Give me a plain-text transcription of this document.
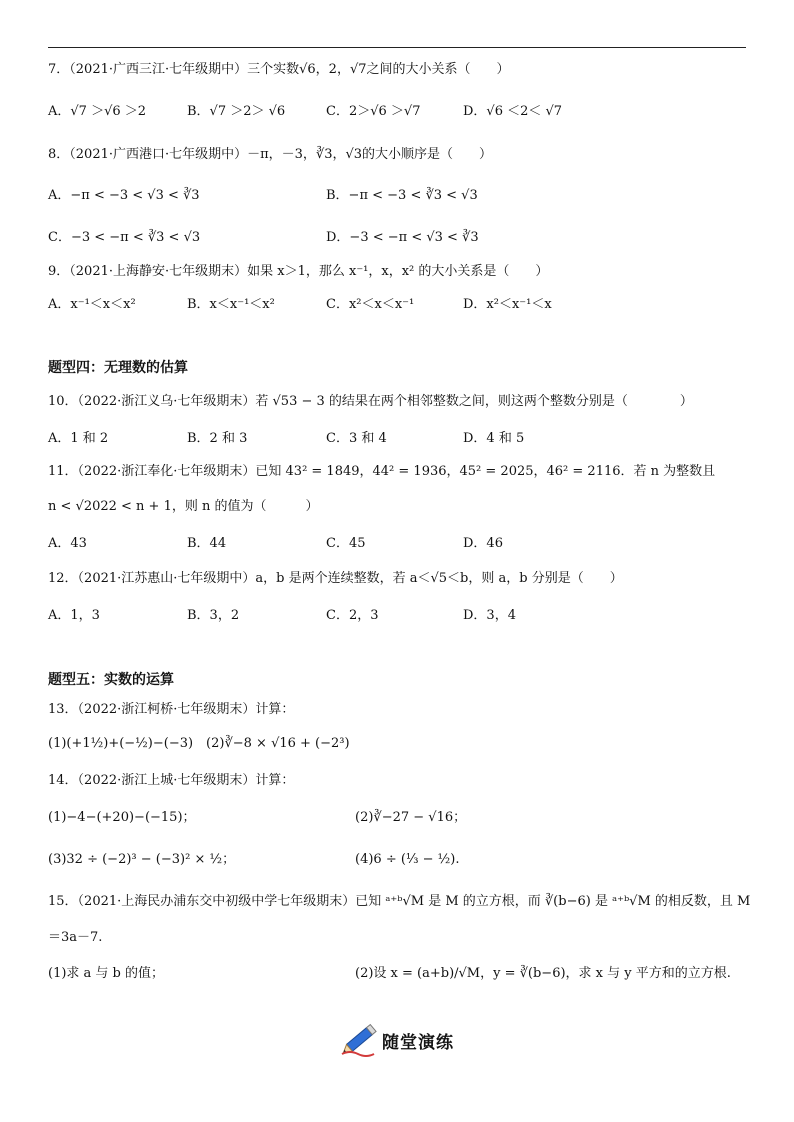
7．（2021·广西三江·七年级期中）三个实数√6，2，√7之间的大小关系（　　）
A．√7 ＞√6 ＞2	B．√7 ＞2＞ √6	C．2＞√6 ＞√7	D．√6 ＜2＜ √7
8．（2021·广西港口·七年级期中）－π，－3，∛3，√3的大小顺序是（　　）
A．−π < −3 < √3 < ∛3	B．−π < −3 < ∛3 < √3
C．−3 < −π < ∛3 < √3	D．−3 < −π < √3 < ∛3
9．（2021·上海静安·七年级期末）如果 x＞1，那么 x⁻¹，x，x² 的大小关系是（　　）
A．x⁻¹＜x＜x²	B．x＜x⁻¹＜x²	C．x²＜x＜x⁻¹	D．x²＜x⁻¹＜x
题型四：无理数的估算
10．（2022·浙江义乌·七年级期末）若 √53 − 3 的结果在两个相邻整数之间，则这两个整数分别是（　　　　）
A．1 和 2	B．2 和 3	C．3 和 4	D．4 和 5
11．（2022·浙江奉化·七年级期末）已知 43² = 1849，44² = 1936，45² = 2025，46² = 2116．若 n 为整数且
n < √2022 < n + 1，则 n 的值为（　　　）
A．43	B．44	C．45	D．46
12．（2021·江苏惠山·七年级期中）a，b 是两个连续整数，若 a＜√5＜b，则 a，b 分别是（　　）
A．1，3	B．3，2	C．2，3	D．3，4
题型五：实数的运算
13．（2022·浙江柯桥·七年级期末）计算：
(1)(+1½)+(−½)−(−3)　(2)∛−8 × √16 + (−2³)
14．（2022·浙江上城·七年级期末）计算：
(1)−4−(+20)−(−15)；	(2)∛−27 − √16；
(3)32 ÷ (−2)³ − (−3)² × ½；	(4)6 ÷ (⅓ − ½).
15．（2021·上海民办浦东交中初级中学七年级期末）已知 ᵃ⁺ᵇ√M 是 M 的立方根，而 ∛(b−6) 是 ᵃ⁺ᵇ√M 的相反数，且 M
＝3a－7.
(1)求 a 与 b 的值；	(2)设 x = (a+b)/√M，y = ∛(b−6)，求 x 与 y 平方和的立方根.
随堂演练
